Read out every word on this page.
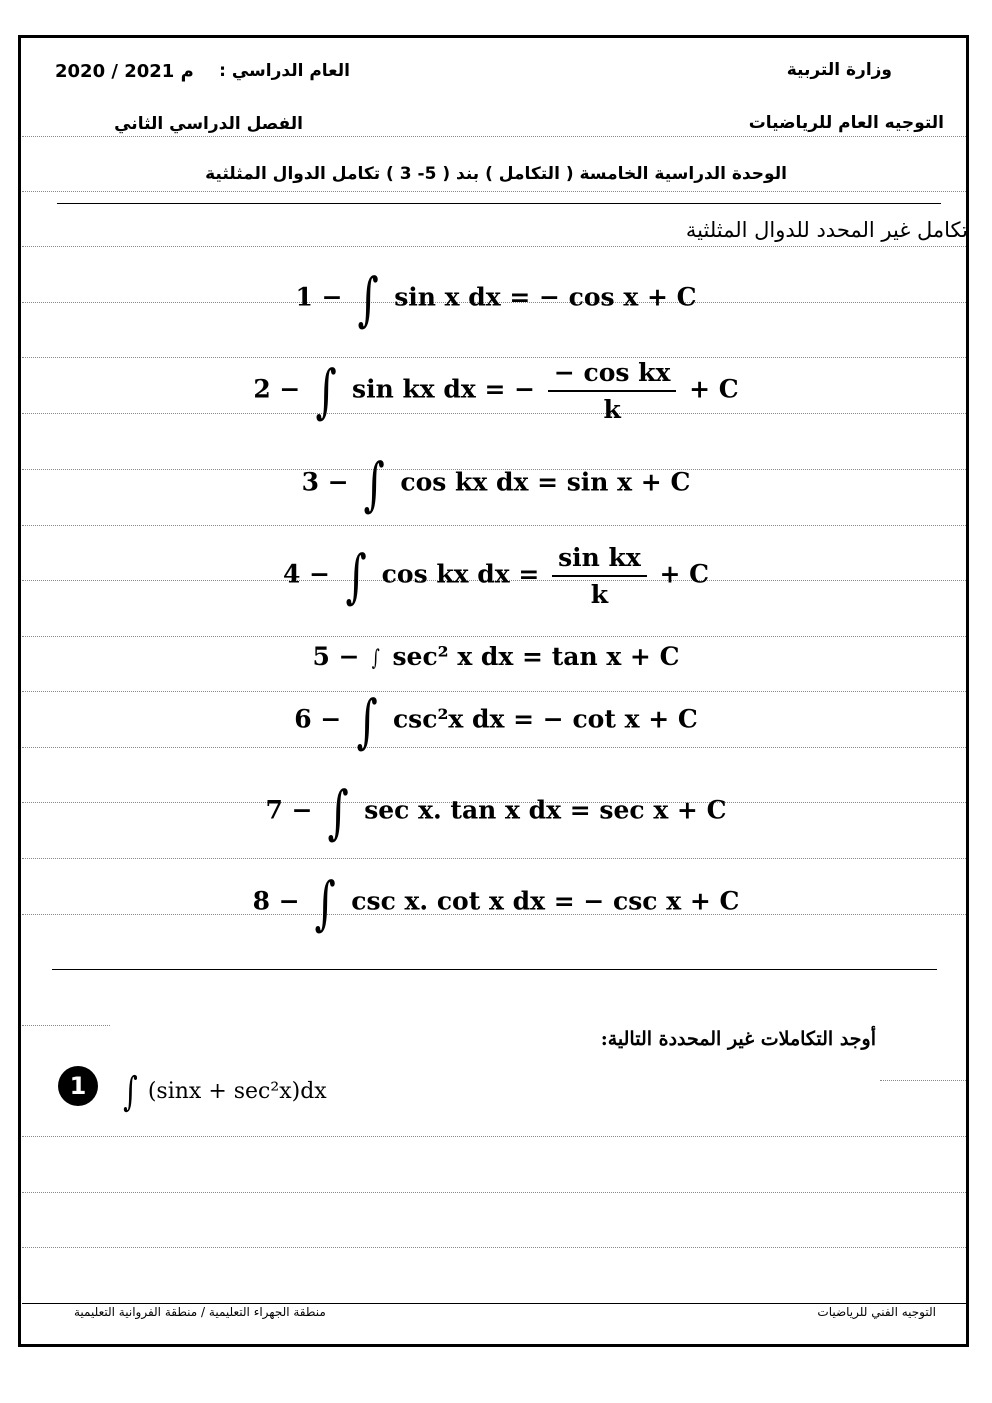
وزارة التربية
العام الدراسي :
2020 / 2021 م
التوجيه العام للرياضيات
الفصل الدراسي الثاني
الوحدة الدراسية الخامسة ( التكامل ) بند ( 5- 3 ) تكامل الدوال المثلثية
تكامل غير المحدد للدوال المثلثية
1 − ∫ sin x dx = − cos x + C
2 − ∫ sin kx dx = − $\frac{\text{− cos kx}}{k} + C$
3 − ∫ cos kx dx = sin x + C
4 − ∫ cos kx dx = $\frac{\text{sin kx}}{k} + C$
5 − ∫ sec² x dx = tan x + C
6 − ∫ csc²x dx = − cot x + C
7 − ∫ sec x. tan x dx = sec x + C
8 − ∫ csc x. cot x dx = − csc x + C
أوجد التكاملات غير المحددة التالية:
1 ∫ (sinx + sec²x)dx
التوجيه الفني للرياضيات
منطقة الجهراء التعليمية / منطقة الفروانية التعليمية
